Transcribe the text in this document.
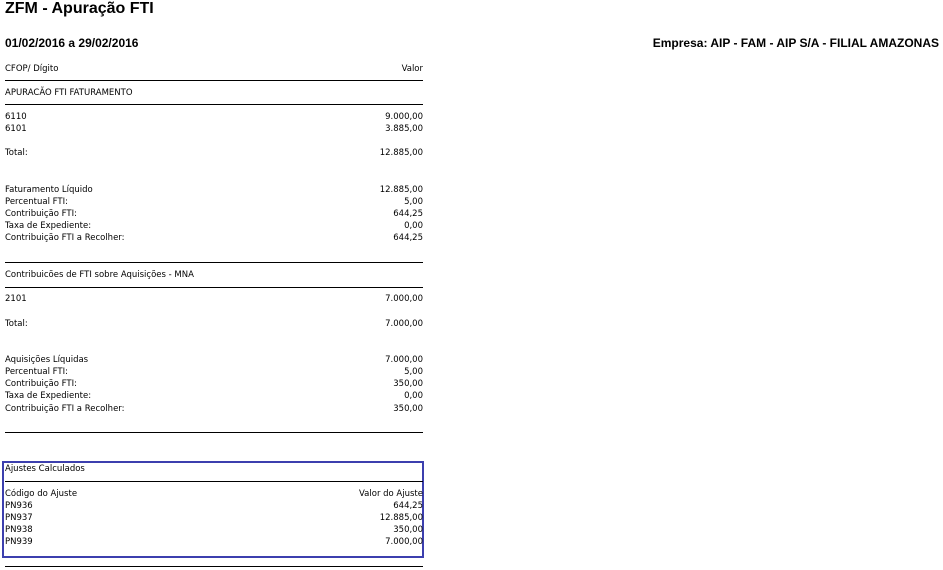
ZFM - Apuração FTI
01/02/2016 a 29/02/2016	Empresa: AIP - FAM - AIP S/A - FILIAL AMAZONAS
CFOP/ Dígito	Valor
APURACÃO FTI FATURAMENTO
6110	9.000,00
6101	3.885,00
Total:	12.885,00
Faturamento Líquido	12.885,00
Percentual FTI:	5,00
Contribuição FTI:	644,25
Taxa de Expediente:	0,00
Contribuição FTI a Recolher:	644,25
Contribuicões de FTI sobre Aquisições - MNA
2101	7.000,00
Total:	7.000,00
Aquisições Líquidas	7.000,00
Percentual FTI:	5,00
Contribuição FTI:	350,00
Taxa de Expediente:	0,00
Contribuição FTI a Recolher:	350,00
Ajustes Calculados
Código do Ajuste	Valor do Ajuste
PN936	644,25
PN937	12.885,00
PN938	350,00
PN939	7.000,00
